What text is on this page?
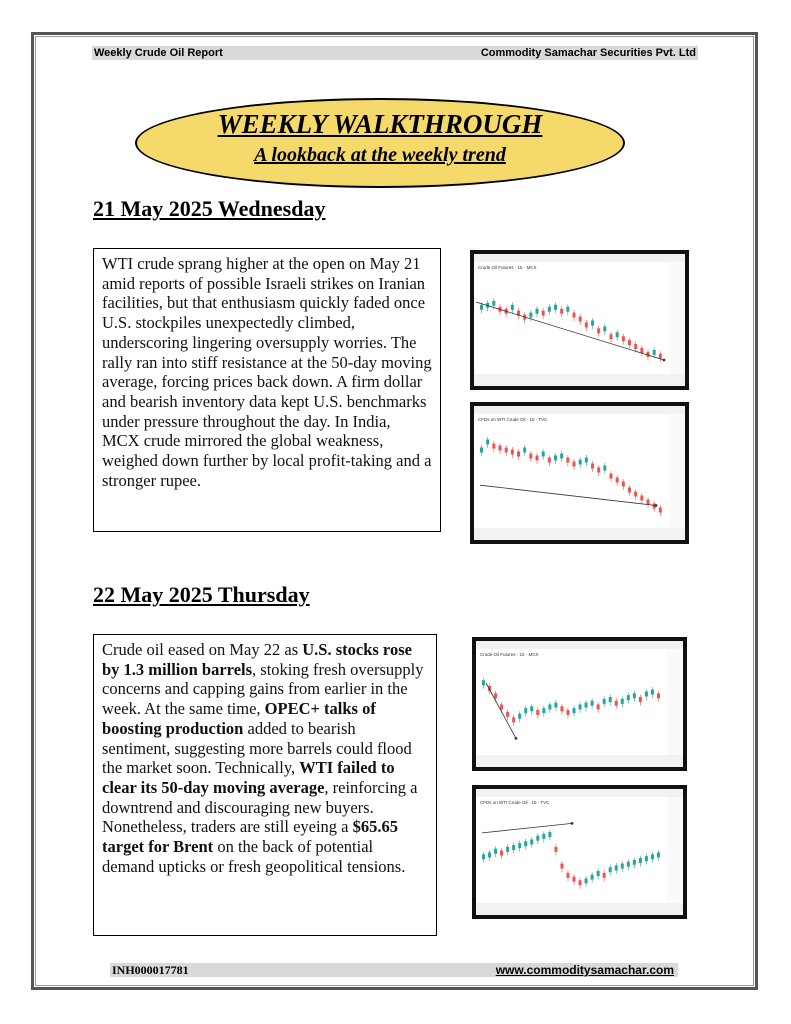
Weekly Crude Oil Report	Commodity Samachar Securities Pvt. Ltd
WEEKLY WALKTHROUGH
A lookback at the weekly trend
21 May 2025 Wednesday
WTI crude sprang higher at the open on May 21 amid reports of possible Israeli strikes on Iranian facilities, but that enthusiasm quickly faded once U.S. stockpiles unexpectedly climbed, underscoring lingering oversupply worries. The rally ran into stiff resistance at the 50-day moving average, forcing prices back down. A firm dollar and bearish inventory data kept U.S. benchmarks under pressure throughout the day. In India, MCX crude mirrored the global weakness, weighed down further by local profit-taking and a stronger rupee.
Crude Oil Futures · 15 · MCX
CFDs on WTI Crude Oil · 15 · TVC
22 May 2025 Thursday
Crude oil eased on May 22 as U.S. stocks rose by 1.3 million barrels, stoking fresh oversupply concerns and capping gains from earlier in the week. At the same time, OPEC+ talks of boosting production added to bearish sentiment, suggesting more barrels could flood the market soon. Technically, WTI failed to clear its 50-day moving average, reinforcing a downtrend and discouraging new buyers. Nonetheless, traders are still eyeing a $65.65 target for Brent on the back of potential demand upticks or fresh geopolitical tensions.
Crude Oil Futures · 15 · MCX
CFDs on WTI Crude Oil · 15 · TVC
INH000017781	www.commoditysamachar.com
